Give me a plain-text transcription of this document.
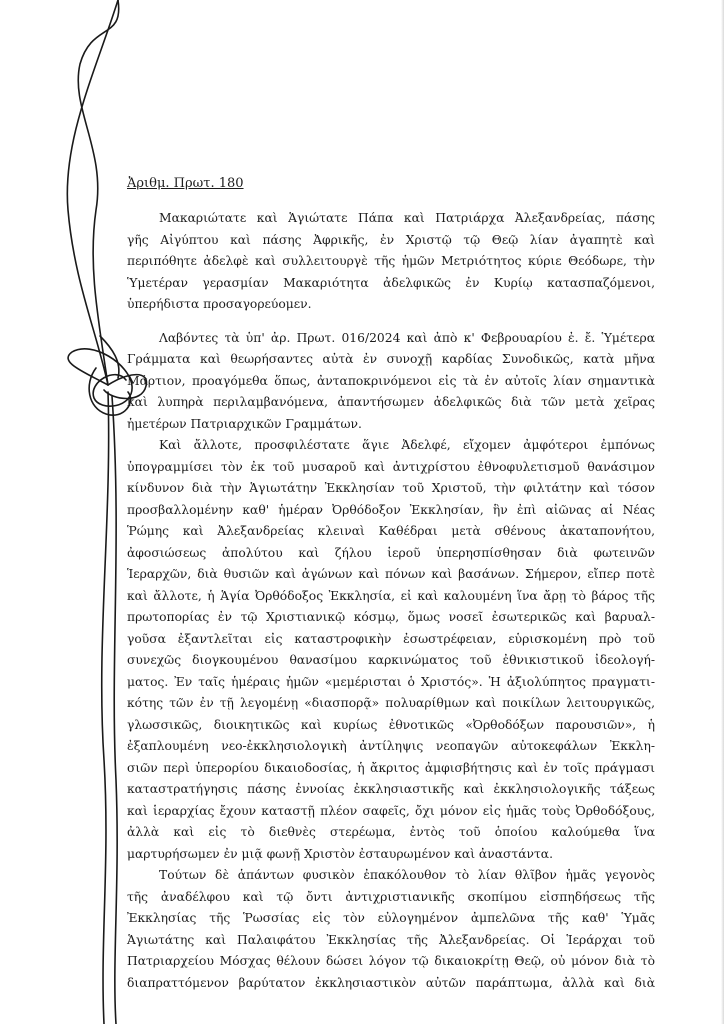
Ἀριθμ. Πρωτ. 180

Μακαριώτατε καὶ Ἁγιώτατε Πάπα καὶ Πατριάρχα Ἀλεξανδρείας, πάσης
γῆς Αἰγύπτου καὶ πάσης Ἀφρικῆς, ἐν Χριστῷ τῷ Θεῷ λίαν ἀγαπητὲ καὶ
περιπόθητε ἀδελφὲ καὶ συλλειτουργὲ τῆς ἡμῶν Μετριότητος κύριε Θεόδωρε, τὴν
Ὑμετέραν γερασμίαν Μακαριότητα ἀδελφικῶς ἐν Κυρίῳ κατασπαζόμενοι,
ὑπερήδιστα προσαγορεύομεν.

Λαβόντες τὰ ὑπ' ἀρ. Πρωτ. 016/2024 καὶ ἀπὸ κ' Φεβρουαρίου ἐ. ἔ. Ὑμέτερα
Γράμματα καὶ θεωρήσαντες αὐτὰ ἐν συνοχῇ καρδίας Συνοδικῶς, κατὰ μῆνα
Μάρτιον, προαγόμεθα ὅπως, ἀνταποκρινόμενοι εἰς τὰ ἐν αὐτοῖς λίαν σημαντικὰ
καὶ λυπηρὰ περιλαμβανόμενα, ἀπαντήσωμεν ἀδελφικῶς διὰ τῶν μετὰ χεῖρας
ἡμετέρων Πατριαρχικῶν Γραμμάτων.

Καὶ ἄλλοτε, προσφιλέστατε ἅγιε Ἀδελφέ, εἴχομεν ἀμφότεροι ἐμπόνως
ὑπογραμμίσει τὸν ἐκ τοῦ μυσαροῦ καὶ ἀντιχρίστου ἐθνοφυλετισμοῦ θανάσιμον
κίνδυνον διὰ τὴν Ἁγιωτάτην Ἐκκλησίαν τοῦ Χριστοῦ, τὴν φιλτάτην καὶ τόσον
προσβαλλομένην καθ' ἡμέραν Ὀρθόδοξον Ἐκκλησίαν, ἣν ἐπὶ αἰῶνας αἱ Νέας
Ῥώμης καὶ Ἀλεξανδρείας κλειναὶ Καθέδραι μετὰ σθένους ἀκαταπονήτου,
ἀφοσιώσεως ἀπολύτου καὶ ζήλου ἱεροῦ ὑπερησπίσθησαν διὰ φωτεινῶν
Ἱεραρχῶν, διὰ θυσιῶν καὶ ἀγώνων καὶ πόνων καὶ βασάνων. Σήμερον, εἴπερ ποτὲ
καὶ ἄλλοτε, ἡ Ἁγία Ὀρθόδοξος Ἐκκλησία, εἰ καὶ καλουμένη ἵνα ἄρῃ τὸ βάρος τῆς
πρωτοπορίας ἐν τῷ Χριστιανικῷ κόσμῳ, ὅμως νοσεῖ ἐσωτερικῶς καὶ βαρυαλ-
γοῦσα ἐξαντλεῖται εἰς καταστροφικὴν ἐσωστρέφειαν, εὑρισκομένη πρὸ τοῦ
συνεχῶς διογκουμένου θανασίμου καρκινώματος τοῦ ἐθνικιστικοῦ ἰδεολογή-
ματος. Ἐν ταῖς ἡμέραις ἡμῶν «μεμέρισται ὁ Χριστός». Ἡ ἀξιολύπητος πραγματι-
κότης τῶν ἐν τῇ λεγομένῃ «διασπορᾷ» πολυαρίθμων καὶ ποικίλων λειτουργικῶς,
γλωσσικῶς, διοικητικῶς καὶ κυρίως ἐθνοτικῶς «Ὀρθοδόξων παρουσιῶν», ἡ
ἐξαπλουμένη νεο-ἐκκλησιολογικὴ ἀντίληψις νεοπαγῶν αὐτοκεφάλων Ἐκκλη-
σιῶν περὶ ὑπερορίου δικαιοδοσίας, ἡ ἄκριτος ἀμφισβήτησις καὶ ἐν τοῖς πράγμασι
καταστρατήγησις πάσης ἐννοίας ἐκκλησιαστικῆς καὶ ἐκκλησιολογικῆς τάξεως
καὶ ἱεραρχίας ἔχουν καταστῇ πλέον σαφεῖς, ὄχι μόνον εἰς ἡμᾶς τοὺς Ὀρθοδόξους,
ἀλλὰ καὶ εἰς τὸ διεθνὲς στερέωμα, ἐντὸς τοῦ ὁποίου καλούμεθα ἵνα
μαρτυρήσωμεν ἐν μιᾷ φωνῇ Χριστὸν ἐσταυρωμένον καὶ ἀναστάντα.

Τούτων δὲ ἁπάντων φυσικὸν ἐπακόλουθον τὸ λίαν θλῖβον ἡμᾶς γεγονὸς
τῆς ἀναδέλφου καὶ τῷ ὄντι ἀντιχριστιανικῆς σκοπίμου εἰσπηδήσεως τῆς
Ἐκκλησίας τῆς Ῥωσσίας εἰς τὸν εὐλογημένον ἀμπελῶνα τῆς καθ' Ὑμᾶς
Ἁγιωτάτης καὶ Παλαιφάτου Ἐκκλησίας τῆς Ἀλεξανδρείας. Οἱ Ἱεράρχαι τοῦ
Πατριαρχείου Μόσχας θέλουν δώσει λόγον τῷ δικαιοκρίτῃ Θεῷ, οὐ μόνον διὰ τὸ
διαπραττόμενον βαρύτατον ἐκκλησιαστικὸν αὐτῶν παράπτωμα, ἀλλὰ καὶ διὰ
